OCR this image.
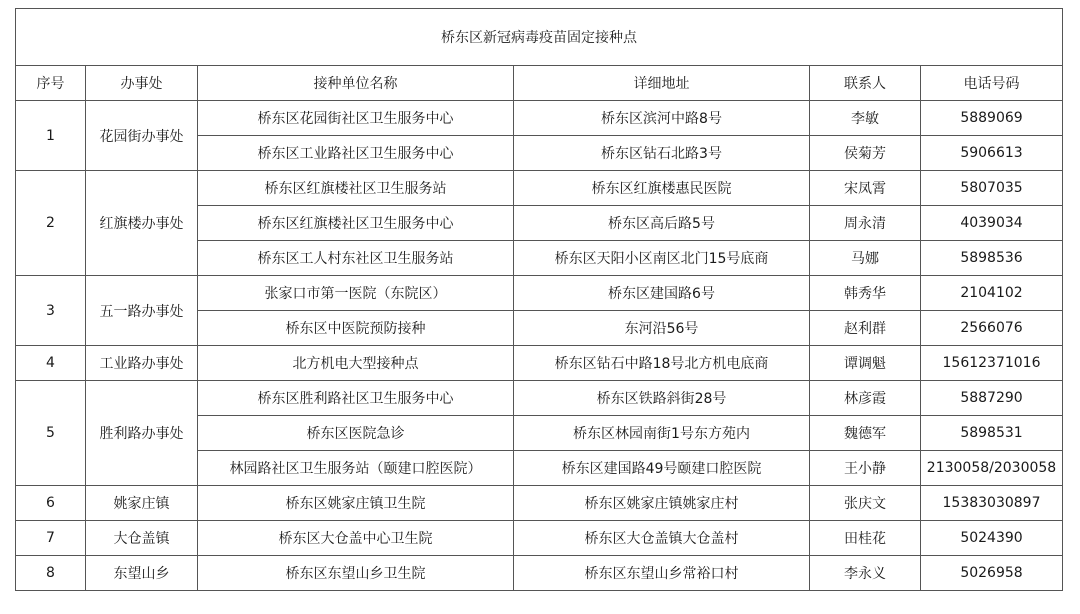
桥东区新冠病毒疫苗固定接种点					
序号	办事处	接种单位名称	详细地址	联系人	电话号码
1	花园街办事处	桥东区花园街社区卫生服务中心	桥东区滨河中路8号	李敏	5889069
		桥东区工业路社区卫生服务中心	桥东区钻石北路3号	侯菊芳	5906613
2	红旗楼办事处	桥东区红旗楼社区卫生服务站	桥东区红旗楼惠民医院	宋凤霄	5807035
		桥东区红旗楼社区卫生服务中心	桥东区高后路5号	周永清	4039034
		桥东区工人村东社区卫生服务站	桥东区天阳小区南区北门15号底商	马娜	5898536
3	五一路办事处	张家口市第一医院（东院区）	桥东区建国路6号	韩秀华	2104102
		桥东区中医院预防接种	东河沿56号	赵利群	2566076
4	工业路办事处	北方机电大型接种点	桥东区钻石中路18号北方机电底商	谭调魁	15612371016
5	胜利路办事处	桥东区胜利路社区卫生服务中心	桥东区铁路斜街28号	林彦霞	5887290
		桥东区医院急诊	桥东区林园南街1号东方苑内	魏德军	5898531
		林园路社区卫生服务站（颐建口腔医院）	桥东区建国路49号颐建口腔医院	王小静	2130058/2030058
6	姚家庄镇	桥东区姚家庄镇卫生院	桥东区姚家庄镇姚家庄村	张庆文	15383030897
7	大仓盖镇	桥东区大仓盖中心卫生院	桥东区大仓盖镇大仓盖村	田桂花	5024390
8	东望山乡	桥东区东望山乡卫生院	桥东区东望山乡常裕口村	李永义	5026958
